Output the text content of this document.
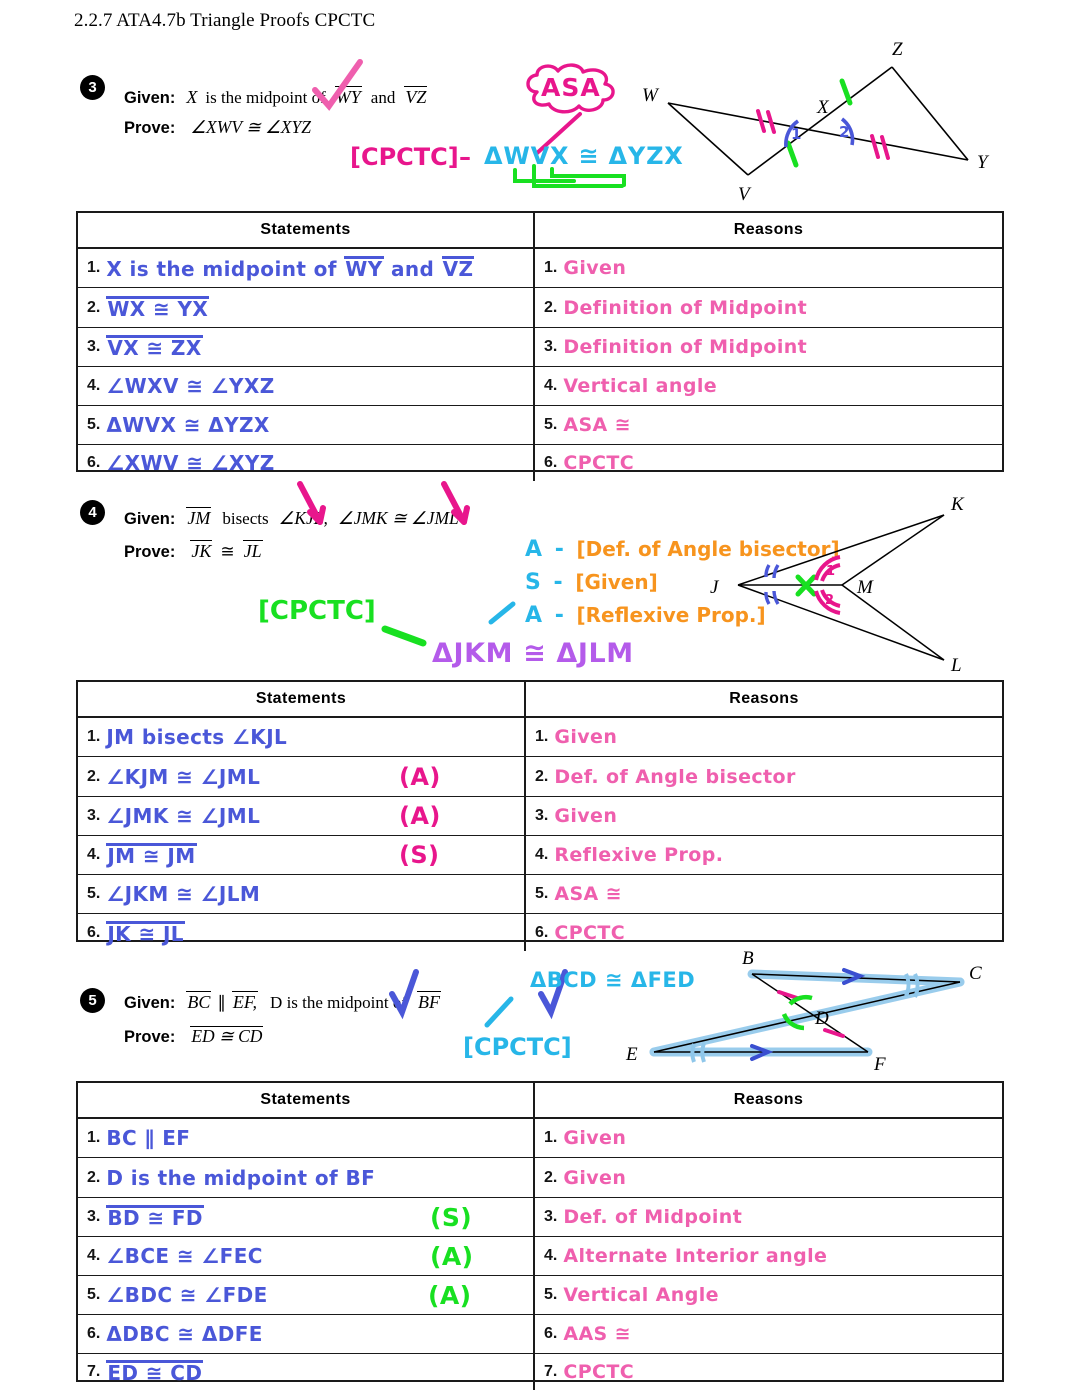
2.2.7 ATA4.7b Triangle Proofs CPCTC
3
Given: X is the midpoint of WY and VZ
Prove: ∠XWV ≅ ∠XYZ
ASA
[CPCTC] – ΔWVX ≅ ΔYZX
1	2
W
X
Z
V
Y
Statements	Reasons
1. X is the midpoint of WY and VZ	1. Given
2. WX ≅ YX	2. Definition of Midpoint
3. VX ≅ ZX	3. Definition of Midpoint
4. ∠WXV ≅ ∠YXZ	4. Vertical angle
5. ΔWVX ≅ ΔYZX	5. ASA ≅
6. ∠XWV ≅ ∠XYZ	6. CPCTC
4	Given: JM bisects ∠KJL, ∠JMK ≅ ∠JML
Prove: JK ≅ JL	A - [Def. of Angle bisector]
S - [Given]
A - [Reflexive Prop.]
[CPCTC]
ΔJKM ≅ ΔJLM
1
2
J
K
M
L
Statements	Reasons
1. JM bisects ∠KJL	1. Given
2. ∠KJM ≅ ∠JML	(A)	2. Def. of Angle bisector
3. ∠JMK ≅ ∠JML	(A)	3. Given
4. JM ≅ JM	(S)	4. Reflexive Prop.
5. ∠JKM ≅ ∠JLM	5. ASA ≅
6. JK ≅ JL	6. CPCTC
5	Given: BC ∥ EF, D is the midpoint of BF
Prove: ED ≅ CD
ΔBCD ≅ ΔFED
[CPCTC]
B
C
D
E	F
Statements	Reasons
1. BC ∥ EF	1. Given
2. D is the midpoint of BF	2. Given
3. BD ≅ FD	(S)	3. Def. of Midpoint
4. ∠BCE ≅ ∠FEC	(A)	4. Alternate Interior angle
5. ∠BDC ≅ ∠FDE	(A)	5. Vertical Angle
6. ΔDBC ≅ ΔDFE	6. AAS ≅
7. ED ≅ CD	7. CPCTC
